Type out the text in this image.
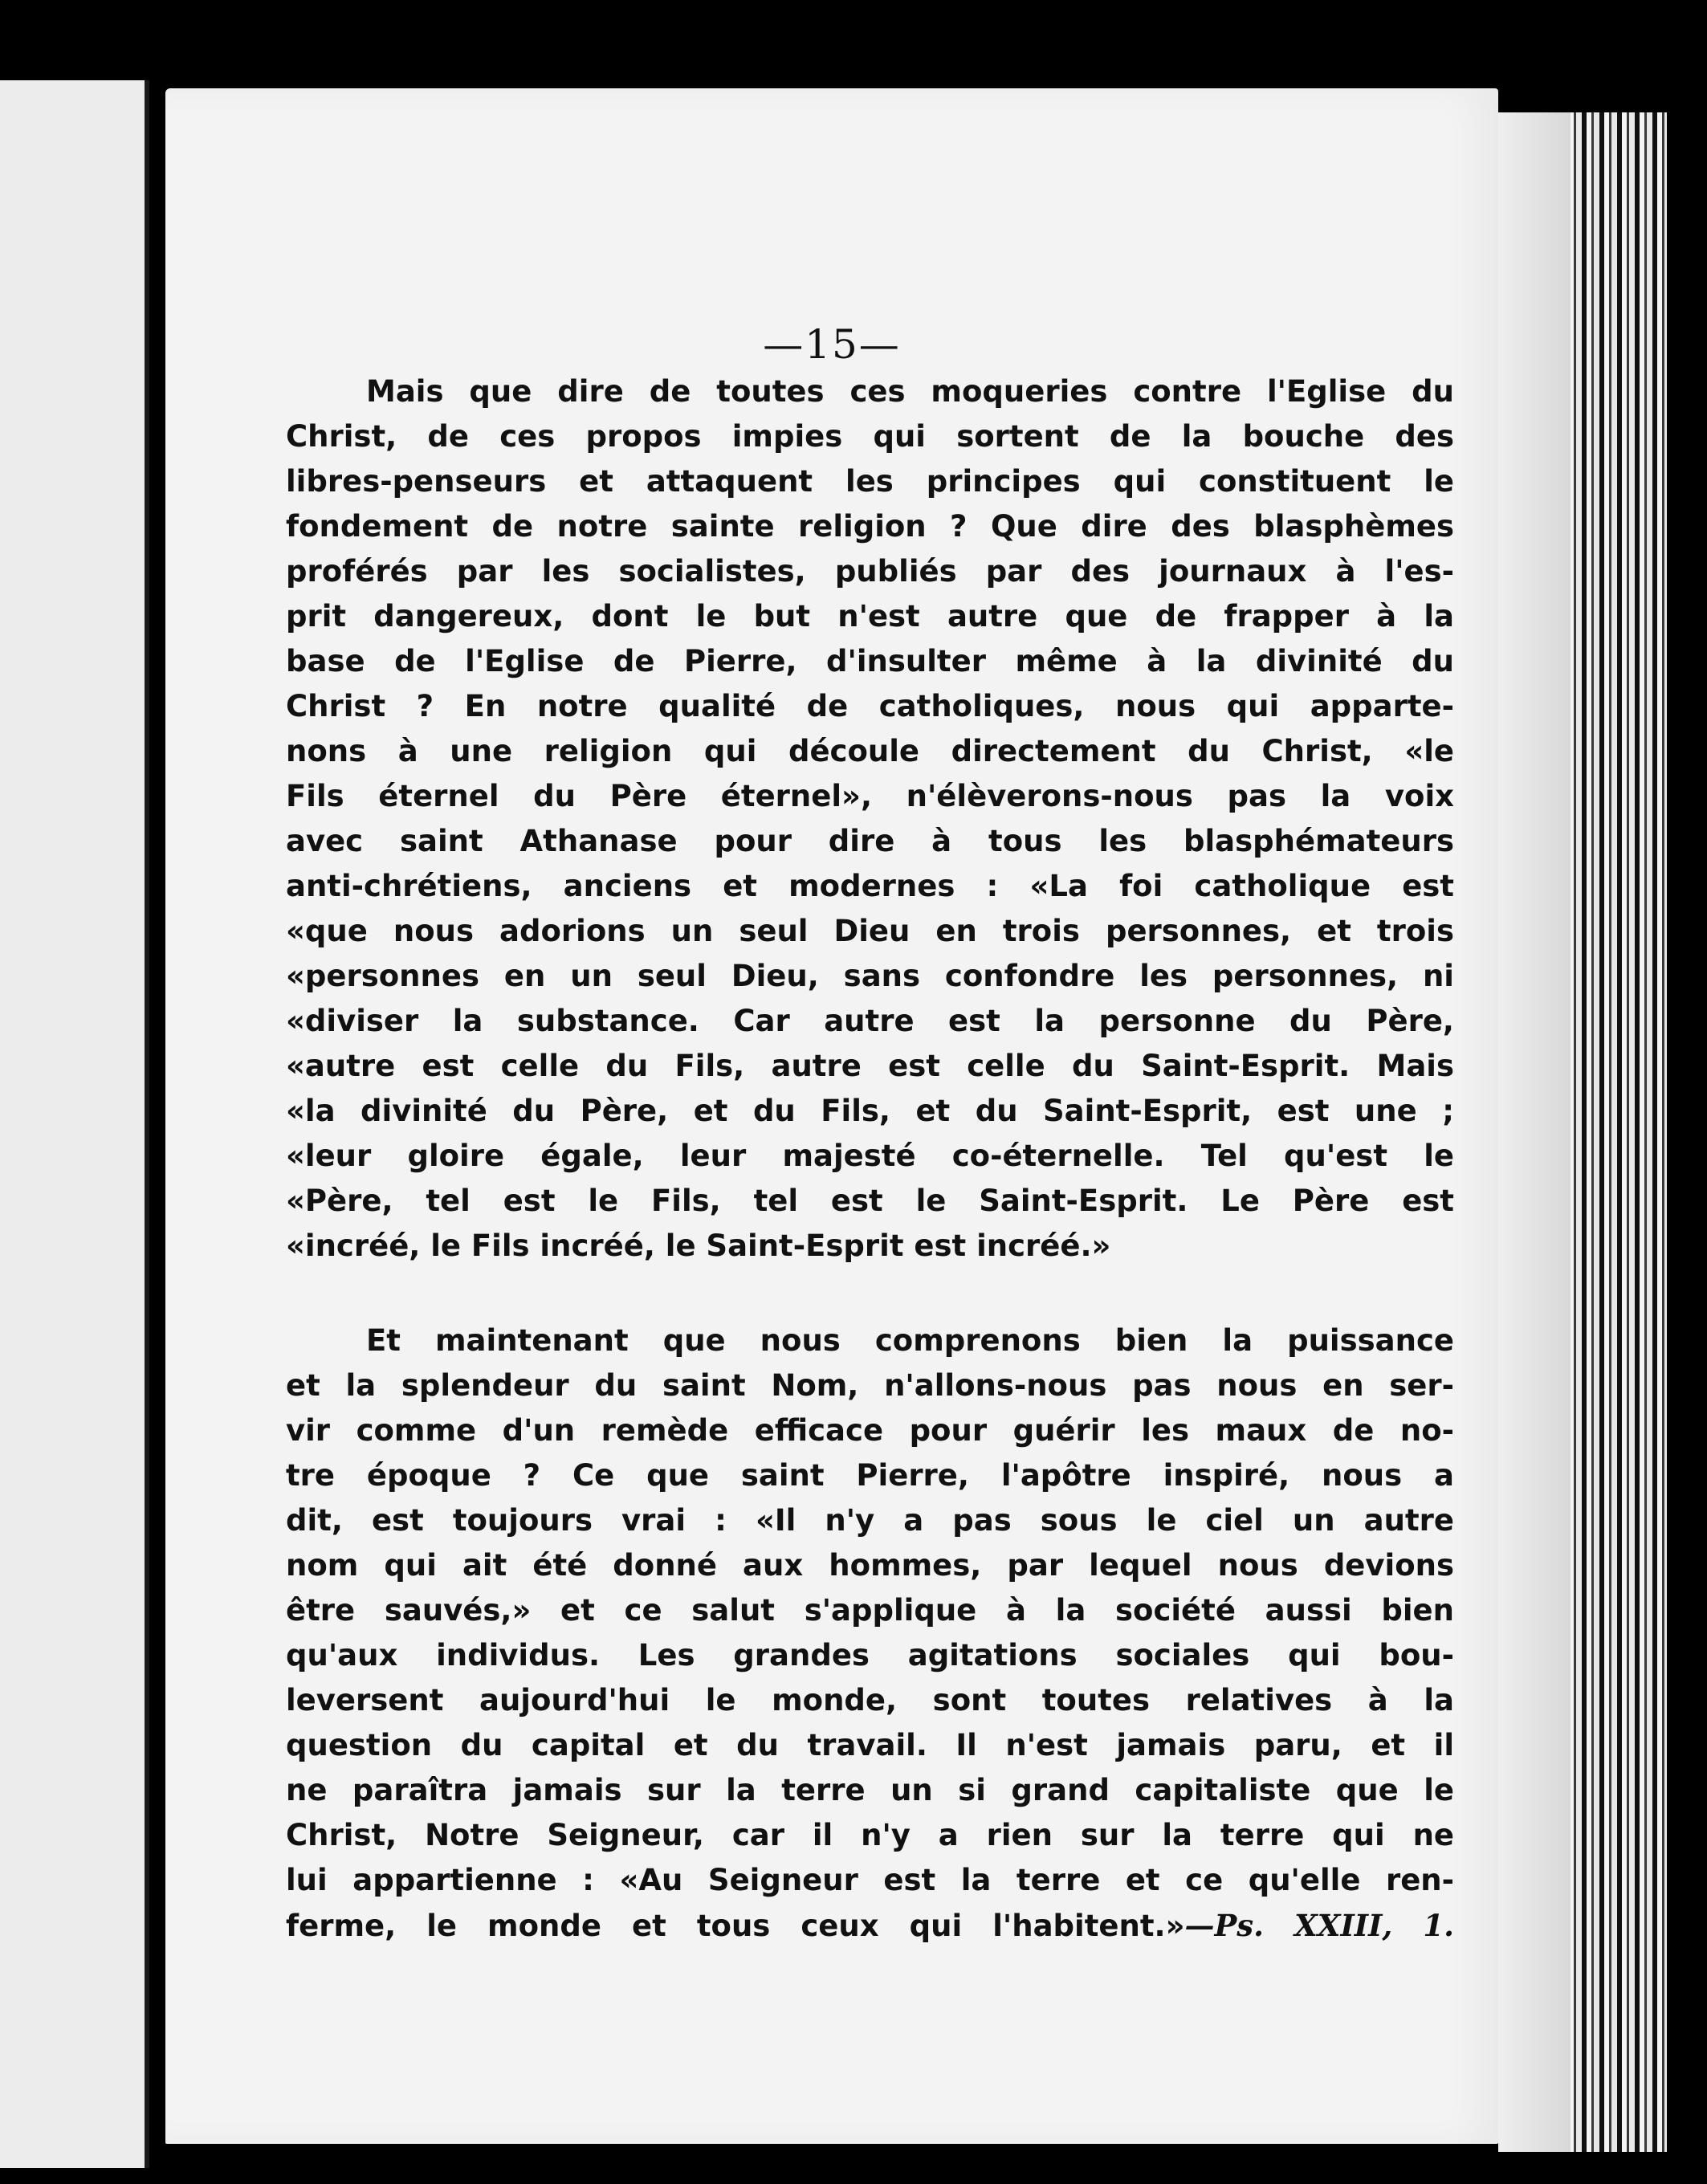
—15—
Mais que dire de toutes ces moqueries contre l'Eglise du
Christ, de ces propos impies qui sortent de la bouche des
libres-penseurs et attaquent les principes qui constituent le
fondement de notre sainte religion ? Que dire des blasphèmes
proférés par les socialistes, publiés par des journaux à l'es-
prit dangereux, dont le but n'est autre que de frapper à la
base de l'Eglise de Pierre, d'insulter même à la divinité du
Christ ? En notre qualité de catholiques, nous qui apparte-
nons à une religion qui découle directement du Christ, «le
Fils éternel du Père éternel», n'élèverons-nous pas la voix
avec saint Athanase pour dire à tous les blasphémateurs
anti-chrétiens, anciens et modernes : «La foi catholique est
«que nous adorions un seul Dieu en trois personnes, et trois
«personnes en un seul Dieu, sans confondre les personnes, ni
«diviser la substance. Car autre est la personne du Père,
«autre est celle du Fils, autre est celle du Saint-Esprit. Mais
«la divinité du Père, et du Fils, et du Saint-Esprit, est une ;
«leur gloire égale, leur majesté co-éternelle. Tel qu'est le
«Père, tel est le Fils, tel est le Saint-Esprit. Le Père est
«incréé, le Fils incréé, le Saint-Esprit est incréé.»
Et maintenant que nous comprenons bien la puissance
et la splendeur du saint Nom, n'allons-nous pas nous en ser-
vir comme d'un remède efficace pour guérir les maux de no-
tre époque ? Ce que saint Pierre, l'apôtre inspiré, nous a
dit, est toujours vrai : «Il n'y a pas sous le ciel un autre
nom qui ait été donné aux hommes, par lequel nous devions
être sauvés,» et ce salut s'applique à la société aussi bien
qu'aux individus. Les grandes agitations sociales qui bou-
leversent aujourd'hui le monde, sont toutes relatives à la
question du capital et du travail. Il n'est jamais paru, et il
ne paraîtra jamais sur la terre un si grand capitaliste que le
Christ, Notre Seigneur, car il n'y a rien sur la terre qui ne
lui appartienne : «Au Seigneur est la terre et ce qu'elle ren-
ferme, le monde et tous ceux qui l'habitent.»—Ps. XXIII, 1.
